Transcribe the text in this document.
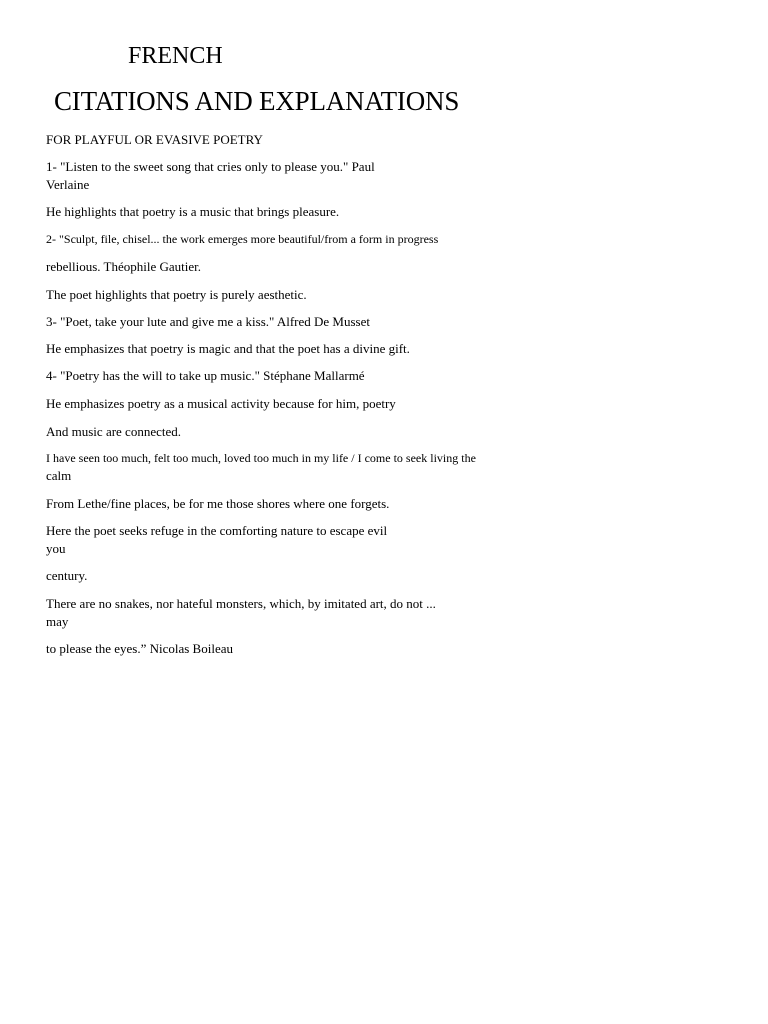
FRENCH
CITATIONS AND EXPLANATIONS
FOR PLAYFUL OR EVASIVE POETRY
1- "Listen to the sweet song that cries only to please you." Paul
Verlaine
He highlights that poetry is a music that brings pleasure.
2- "Sculpt, file, chisel... the work emerges more beautiful/from a form in progress
rebellious. Théophile Gautier.
The poet highlights that poetry is purely aesthetic.
3- "Poet, take your lute and give me a kiss." Alfred De Musset
He emphasizes that poetry is magic and that the poet has a divine gift.
4- "Poetry has the will to take up music." Stéphane Mallarmé
He emphasizes poetry as a musical activity because for him, poetry
And music are connected.
I have seen too much, felt too much, loved too much in my life / I come to seek living the
calm
From Lethe/fine places, be for me those shores where one forgets.
Here the poet seeks refuge in the comforting nature to escape evil
you
century.
There are no snakes, nor hateful monsters, which, by imitated art, do not ...
may
to please the eyes.” Nicolas Boileau
